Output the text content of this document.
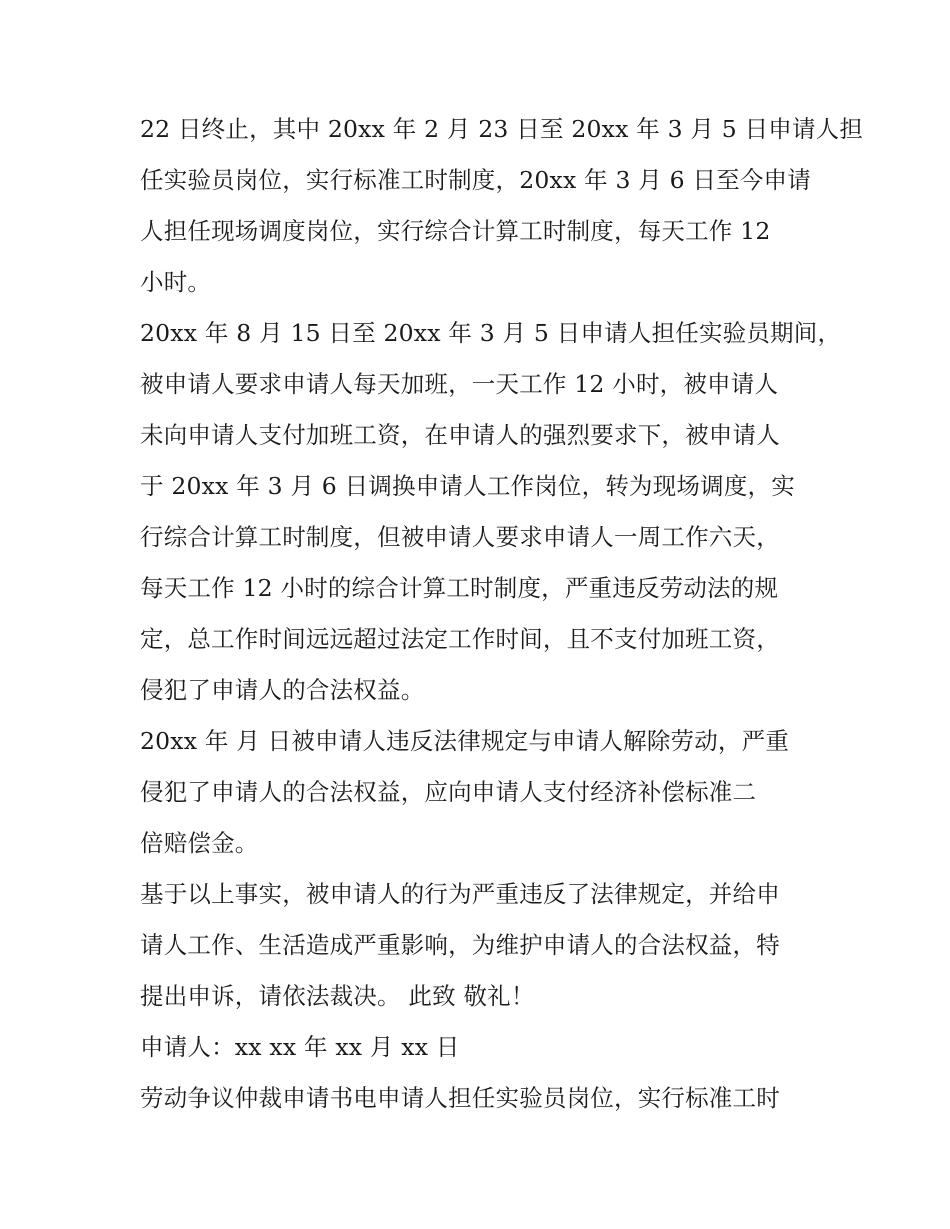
22 日终止，其中 20xx 年 2 月 23 日至 20xx 年 3 月 5 日申请人担
任实验员岗位，实行标准工时制度，20xx 年 3 月 6 日至今申请
人担任现场调度岗位，实行综合计算工时制度，每天工作 12
小时。
20xx 年 8 月 15 日至 20xx 年 3 月 5 日申请人担任实验员期间，
被申请人要求申请人每天加班，一天工作 12 小时，被申请人
未向申请人支付加班工资，在申请人的强烈要求下，被申请人
于 20xx 年 3 月 6 日调换申请人工作岗位，转为现场调度，实
行综合计算工时制度，但被申请人要求申请人一周工作六天，
每天工作 12 小时的综合计算工时制度，严重违反劳动法的规
定，总工作时间远远超过法定工作时间，且不支付加班工资，
侵犯了申请人的合法权益。
20xx 年 月 日被申请人违反法律规定与申请人解除劳动，严重
侵犯了申请人的合法权益，应向申请人支付经济补偿标准二
倍赔偿金。
基于以上事实，被申请人的行为严重违反了法律规定，并给申
请人工作、生活造成严重影响，为维护申请人的合法权益，特
提出申诉，请依法裁决。 此致 敬礼！
申请人：xx xx 年 xx 月 xx 日
劳动争议仲裁申请书电申请人担任实验员岗位，实行标准工时
